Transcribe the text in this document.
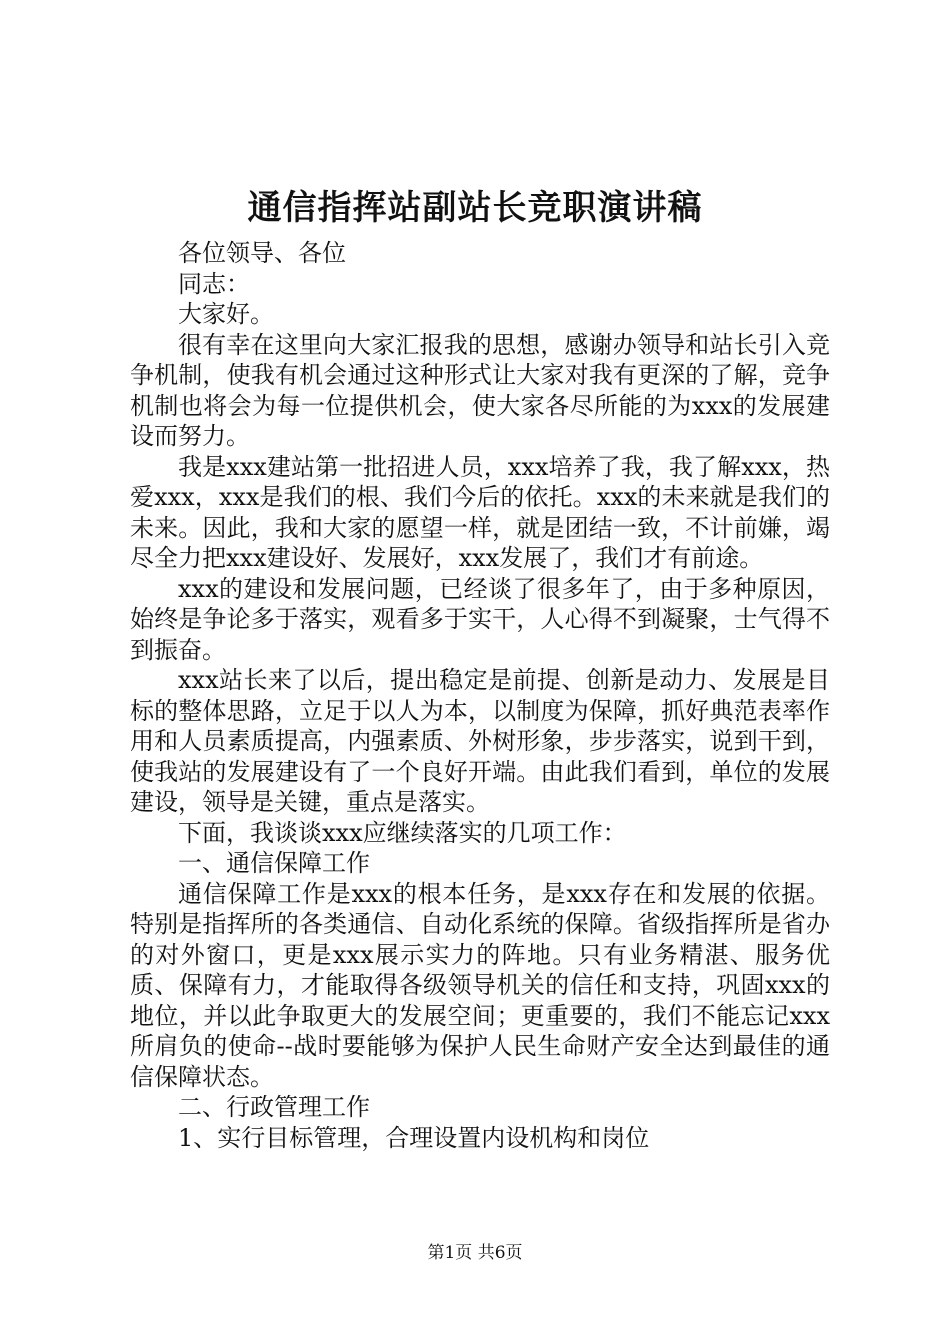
通信指挥站副站长竞职演讲稿

各位领导、各位

同志：

大家好。

很有幸在这里向大家汇报我的思想，感谢办领导和站长引入竞争机制，使我有机会通过这种形式让大家对我有更深的了解，竞争机制也将会为每一位提供机会，使大家各尽所能的为xxx的发展建设而努力。

我是xxx建站第一批招进人员，xxx培养了我，我了解xxx，热爱xxx，xxx是我们的根、我们今后的依托。xxx的未来就是我们的未来。因此，我和大家的愿望一样，就是团结一致，不计前嫌，竭尽全力把xxx建设好、发展好，xxx发展了，我们才有前途。

xxx的建设和发展问题，已经谈了很多年了，由于多种原因，始终是争论多于落实，观看多于实干，人心得不到凝聚，士气得不到振奋。

xxx站长来了以后，提出稳定是前提、创新是动力、发展是目标的整体思路，立足于以人为本，以制度为保障，抓好典范表率作用和人员素质提高，内强素质、外树形象，步步落实，说到干到，使我站的发展建设有了一个良好开端。由此我们看到，单位的发展建设，领导是关键，重点是落实。

下面，我谈谈xxx应继续落实的几项工作：

一、通信保障工作

通信保障工作是xxx的根本任务，是xxx存在和发展的依据。特别是指挥所的各类通信、自动化系统的保障。省级指挥所是省办的对外窗口，更是xxx展示实力的阵地。只有业务精湛、服务优质、保障有力，才能取得各级领导机关的信任和支持，巩固xxx的地位，并以此争取更大的发展空间；更重要的，我们不能忘记xxx所肩负的使命--战时要能够为保护人民生命财产安全达到最佳的通信保障状态。

二、行政管理工作

1、实行目标管理，合理设置内设机构和岗位

第1页 共6页
